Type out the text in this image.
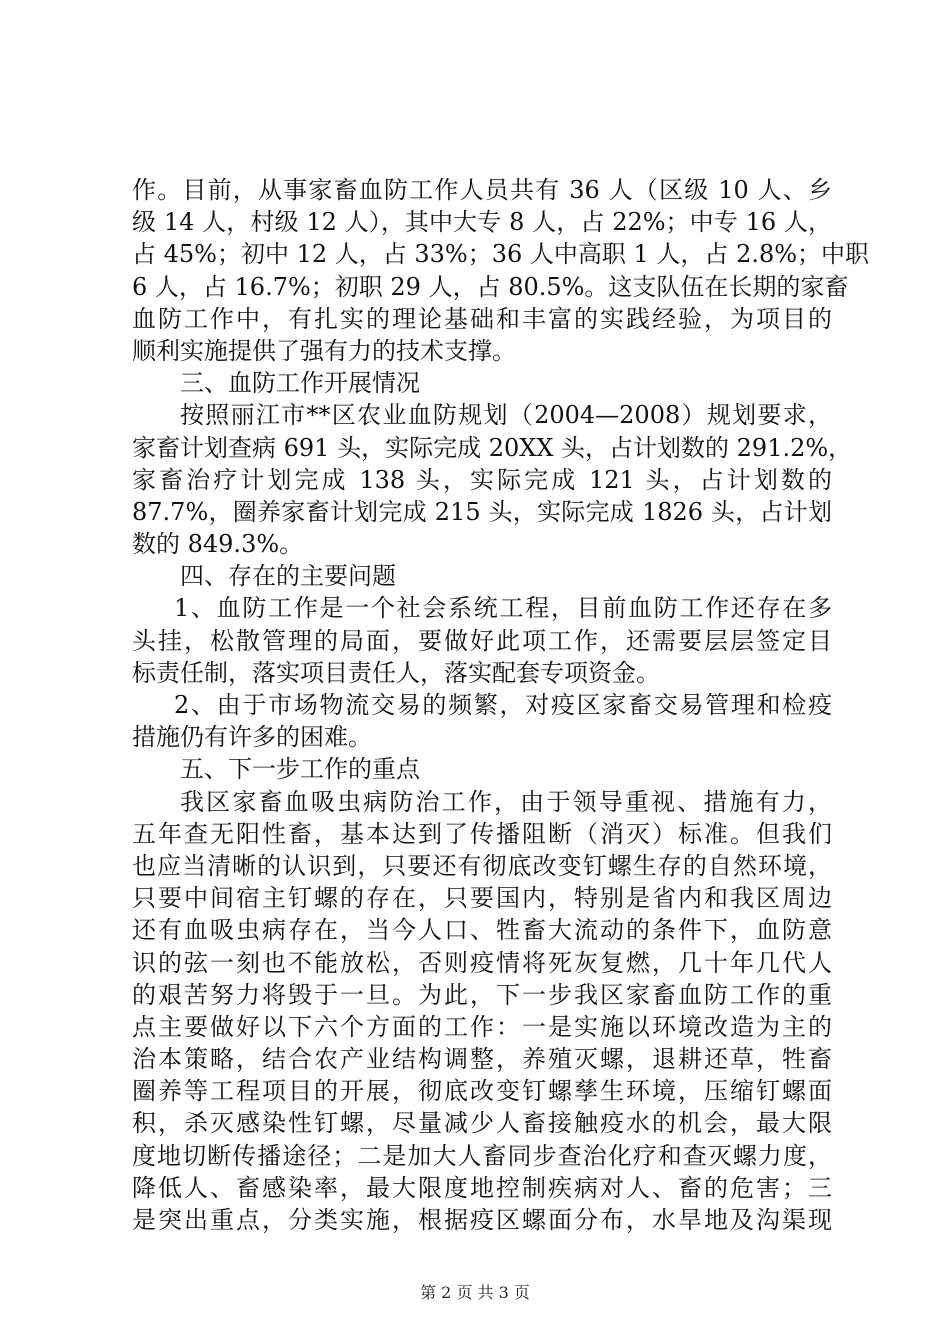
作。目前，从事家畜血防工作人员共有 36 人（区级 10 人、乡
级 14 人，村级 12 人），其中大专 8 人，占 22%；中专 16 人，
占 45%；初中 12 人，占 33%；36 人中高职 1 人，占 2.8%；中职
6 人，占 16.7%；初职 29 人，占 80.5%。这支队伍在长期的家畜
血防工作中，有扎实的理论基础和丰富的实践经验，为项目的
顺利实施提供了强有力的技术支撑。
三、血防工作开展情况
按照丽江市**区农业血防规划（2004—2008）规划要求，
家畜计划查病 691 头，实际完成 20XX 头，占计划数的 291.2%，
家畜治疗计划完成 138 头，实际完成 121 头，占计划数的
87.7%，圈养家畜计划完成 215 头，实际完成 1826 头，占计划
数的 849.3%。
四、存在的主要问题
1、血防工作是一个社会系统工程，目前血防工作还存在多
头挂，松散管理的局面，要做好此项工作，还需要层层签定目
标责任制，落实项目责任人，落实配套专项资金。
2、由于市场物流交易的频繁，对疫区家畜交易管理和检疫
措施仍有许多的困难。
五、下一步工作的重点
我区家畜血吸虫病防治工作，由于领导重视、措施有力，
五年查无阳性畜，基本达到了传播阻断（消灭）标准。但我们
也应当清晰的认识到，只要还有彻底改变钉螺生存的自然环境，
只要中间宿主钉螺的存在，只要国内，特别是省内和我区周边
还有血吸虫病存在，当今人口、牲畜大流动的条件下，血防意
识的弦一刻也不能放松，否则疫情将死灰复燃，几十年几代人
的艰苦努力将毁于一旦。为此，下一步我区家畜血防工作的重
点主要做好以下六个方面的工作：一是实施以环境改造为主的
治本策略，结合农产业结构调整，养殖灭螺，退耕还草，牲畜
圈养等工程项目的开展，彻底改变钉螺孳生环境，压缩钉螺面
积，杀灭感染性钉螺，尽量减少人畜接触疫水的机会，最大限
度地切断传播途径；二是加大人畜同步查治化疗和查灭螺力度，
降低人、畜感染率，最大限度地控制疾病对人、畜的危害；三
是突出重点，分类实施，根据疫区螺面分布，水旱地及沟渠现
第 2 页 共 3 页
